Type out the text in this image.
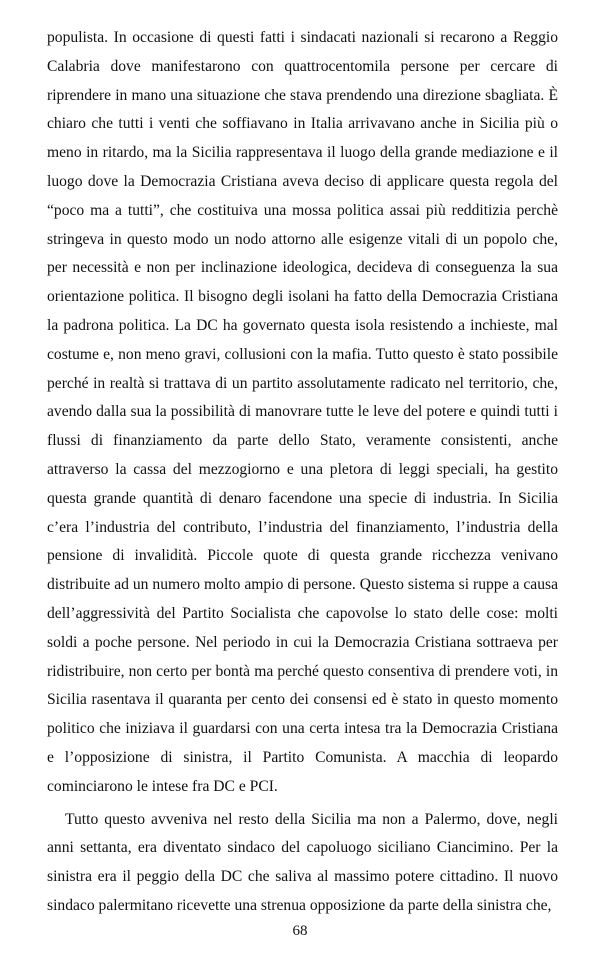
populista. In occasione di questi fatti i sindacati nazionali si recarono a Reggio Calabria dove manifestarono con quattrocentomila persone per cercare di riprendere in mano una situazione che stava prendendo una direzione sbagliata. È chiaro che tutti i venti che soffiavano in Italia arrivavano anche in Sicilia più o meno in ritardo, ma la Sicilia rappresentava il luogo della grande mediazione e il luogo dove la Democrazia Cristiana aveva deciso di applicare questa regola del “poco ma a tutti”, che costituiva una mossa politica assai più redditizia perchè stringeva in questo modo un nodo attorno alle esigenze vitali di un popolo che, per necessità e non per inclinazione ideologica, decideva di conseguenza la sua orientazione politica. Il bisogno degli isolani ha fatto della Democrazia Cristiana la padrona politica. La DC ha governato questa isola resistendo a inchieste, mal costume e, non meno gravi, collusioni con la mafia. Tutto questo è stato possibile perché in realtà si trattava di un partito assolutamente radicato nel territorio, che, avendo dalla sua la possibilità di manovrare tutte le leve del potere e quindi tutti i flussi di finanziamento da parte dello Stato, veramente consistenti, anche attraverso la cassa del mezzogiorno e una pletora di leggi speciali, ha gestito questa grande quantità di denaro facendone una specie di industria. In Sicilia c’era l’industria del contributo, l’industria del finanziamento, l’industria della pensione di invalidità. Piccole quote di questa grande ricchezza venivano distribuite ad un numero molto ampio di persone. Questo sistema si ruppe a causa dell’aggressività del Partito Socialista che capovolse lo stato delle cose: molti soldi a poche persone. Nel periodo in cui la Democrazia Cristiana sottraeva per ridistribuire, non certo per bontà ma perché questo consentiva di prendere voti, in Sicilia rasentava il quaranta per cento dei consensi ed è stato in questo momento politico che iniziava il guardarsi con una certa intesa tra la Democrazia Cristiana e l’opposizione di sinistra, il Partito Comunista. A macchia di leopardo cominciarono le intese fra DC e PCI.

Tutto questo avveniva nel resto della Sicilia ma non a Palermo, dove, negli anni settanta, era diventato sindaco del capoluogo siciliano Ciancimino. Per la sinistra era il peggio della DC che saliva al massimo potere cittadino. Il nuovo sindaco palermitano ricevette una strenua opposizione da parte della sinistra che,

68
